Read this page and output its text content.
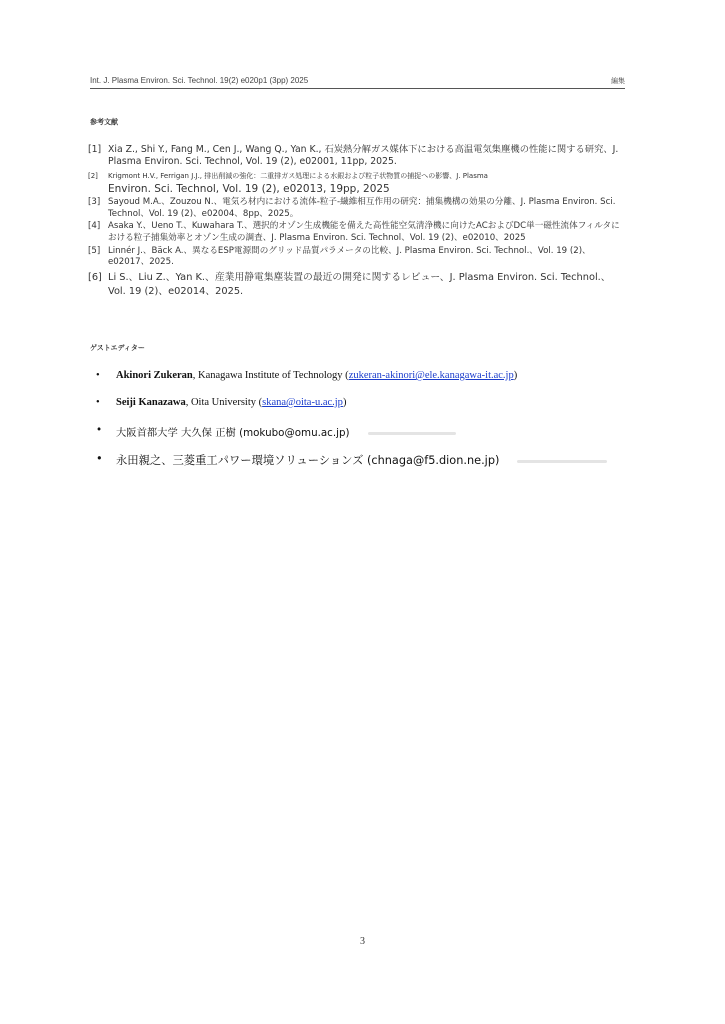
Int. J. Plasma Environ. Sci. Technol. 19(2) e020p1 (3pp) 2025	編集
参考文献
[1] Xia Z., Shi Y., Fang M., Cen J., Wang Q., Yan K., 石炭熱分解ガス媒体下における高温電気集塵機の性能に関する研究、J. Plasma Environ. Sci. Technol, Vol. 19 (2), e02001, 11pp, 2025.
[2] Krigmont H.V., Ferrigan J.J., 排出削減の強化：二重排ガス処理による水銀および粒子状物質の捕捉への影響、J. Plasma
Environ. Sci. Technol, Vol. 19 (2), e02013, 19pp, 2025
[3] Sayoud M.A.、Zouzou N.、電気ろ材内における流体-粒子-繊維相互作用の研究：捕集機構の効果の分離、J. Plasma Environ. Sci. Technol、Vol. 19 (2)、e02004、8pp、2025。
[4] Asaka Y.、Ueno T.、Kuwahara T.、選択的オゾン生成機能を備えた高性能空気清浄機に向けたACおよびDC単一磁性流体フィルタにおける粒子捕集効率とオゾン生成の調査、J. Plasma Environ. Sci. Technol、Vol. 19 (2)、e02010、2025
[5] Linnér J.、Bäck A.、異なるESP電源間のグリッド品質パラメータの比較、J. Plasma Environ. Sci. Technol.、Vol. 19 (2)、e02017、2025.
[6] Li S.、Liu Z.、Yan K.、産業用静電集塵装置の最近の開発に関するレビュー、J. Plasma Environ. Sci. Technol.、Vol. 19 (2)、e02014、2025.
ゲストエディター
• Akinori Zukeran, Kanagawa Institute of Technology (zukeran-akinori@ele.kanagawa-it.ac.jp)
• Seiji Kanazawa, Oita University (skana@oita-u.ac.jp)
• 大阪首都大学 大久保 正樹 (mokubo@omu.ac.jp)
• 永田親之、三菱重工パワー環境ソリューションズ (chnaga@f5.dion.ne.jp)
3
